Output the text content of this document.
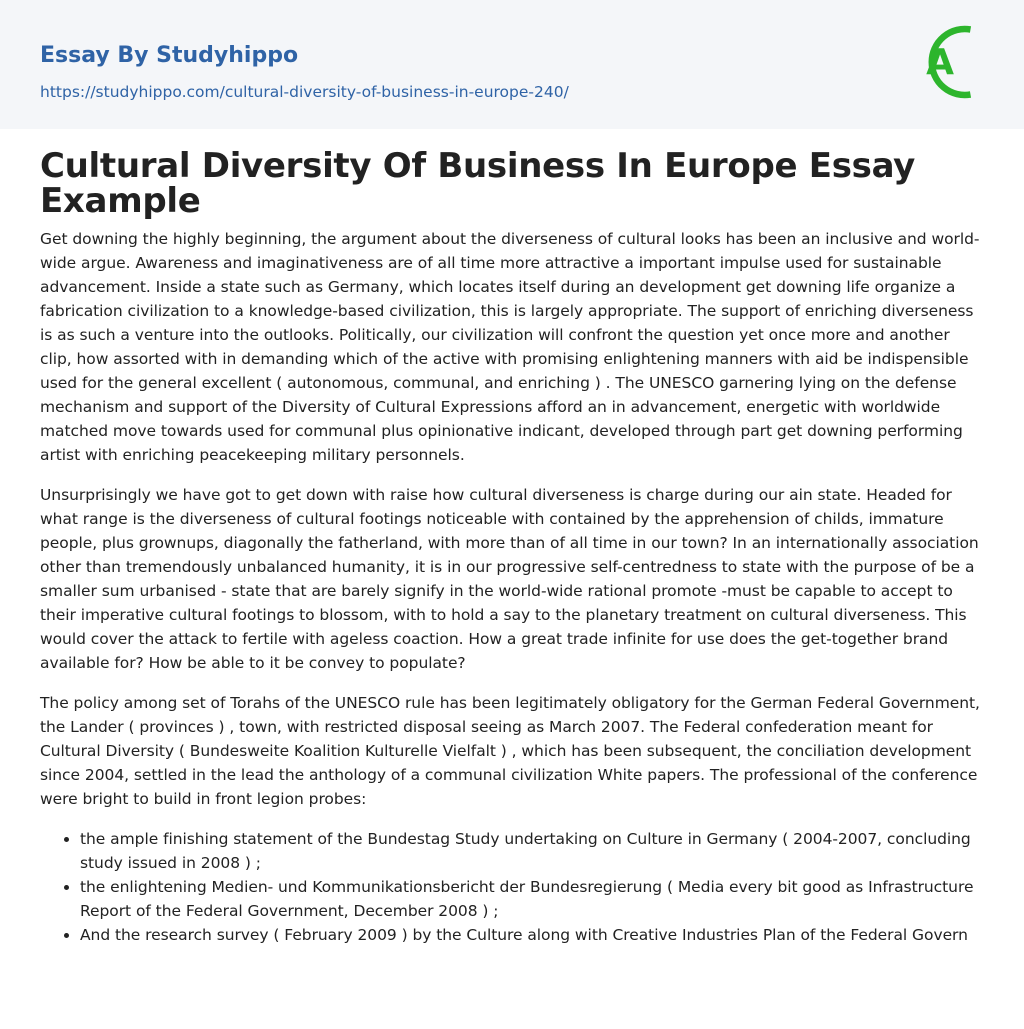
Essay By Studyhippo
https://studyhippo.com/cultural-diversity-of-business-in-europe-240/
A
Cultural Diversity Of Business In Europe Essay Example

Get downing the highly beginning, the argument about the diverseness of cultural looks has been an inclusive and world-wide argue. Awareness and imaginativeness are of all time more attractive a important impulse used for sustainable advancement. Inside a state such as Germany, which locates itself during an development get downing life organize a fabrication civilization to a knowledge-based civilization, this is largely appropriate. The support of enriching diverseness is as such a venture into the outlooks. Politically, our civilization will confront the question yet once more and another clip, how assorted with in demanding which of the active with promising enlightening manners with aid be indispensible used for the general excellent ( autonomous, communal, and enriching ) . The UNESCO garnering lying on the defense mechanism and support of the Diversity of Cultural Expressions afford an in advancement, energetic with worldwide matched move towards used for communal plus opinionative indicant, developed through part get downing performing artist with enriching peacekeeping military personnels.

Unsurprisingly we have got to get down with raise how cultural diverseness is charge during our ain state. Headed for what range is the diverseness of cultural footings noticeable with contained by the apprehension of childs, immature people, plus grownups, diagonally the fatherland, with more than of all time in our town? In an internationally association other than tremendously unbalanced humanity, it is in our progressive self-centredness to state with the purpose of be a smaller sum urbanised - state that are barely signify in the world-wide rational promote -must be capable to accept to their imperative cultural footings to blossom, with to hold a say to the planetary treatment on cultural diverseness. This would cover the attack to fertile with ageless coaction. How a great trade infinite for use does the get-together brand available for? How be able to it be convey to populate?

The policy among set of Torahs of the UNESCO rule has been legitimately obligatory for the German Federal Government, the Lander ( provinces ) , town, with restricted disposal seeing as March 2007. The Federal confederation meant for Cultural Diversity ( Bundesweite Koalition Kulturelle Vielfalt ) , which has been subsequent, the conciliation development since 2004, settled in the lead the anthology of a communal civilization White papers. The professional of the conference were bright to build in front legion probes:

• the ample finishing statement of the Bundestag Study undertaking on Culture in Germany ( 2004-2007, concluding study issued in 2008 ) ;
• the enlightening Medien- und Kommunikationsbericht der Bundesregierung ( Media every bit good as Infrastructure Report of the Federal Government, December 2008 ) ;
• And the research survey ( February 2009 ) by the Culture along with Creative Industries Plan of the Federal Govern
